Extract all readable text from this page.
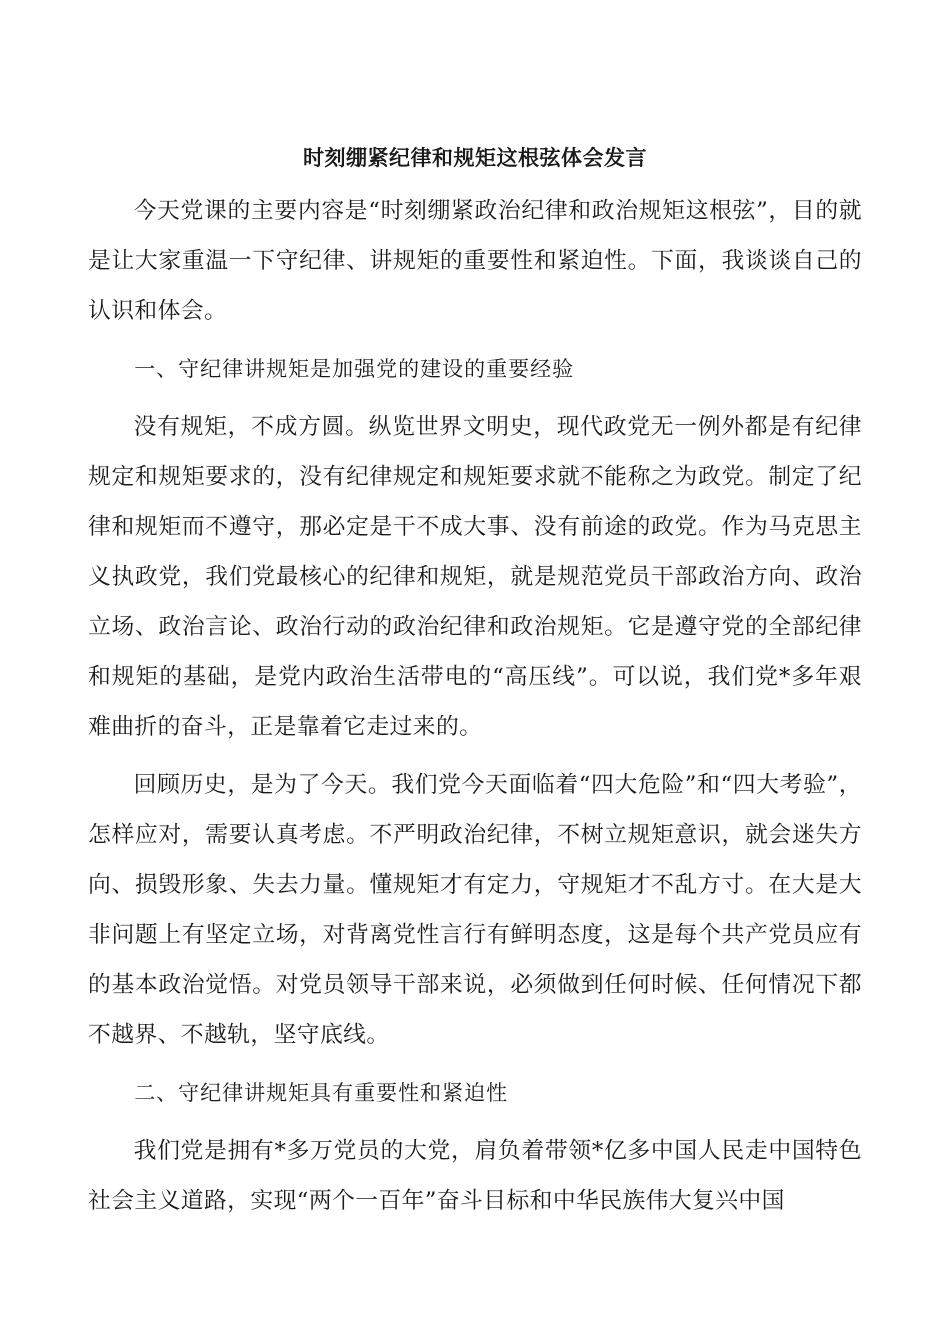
时刻绷紧纪律和规矩这根弦体会发言

今天党课的主要内容是“时刻绷紧政治纪律和政治规矩这根弦”，目的就是让大家重温一下守纪律、讲规矩的重要性和紧迫性。下面，我谈谈自己的认识和体会。

一、守纪律讲规矩是加强党的建设的重要经验

没有规矩，不成方圆。纵览世界文明史，现代政党无一例外都是有纪律规定和规矩要求的，没有纪律规定和规矩要求就不能称之为政党。制定了纪律和规矩而不遵守，那必定是干不成大事、没有前途的政党。作为马克思主义执政党，我们党最核心的纪律和规矩，就是规范党员干部政治方向、政治立场、政治言论、政治行动的政治纪律和政治规矩。它是遵守党的全部纪律和规矩的基础，是党内政治生活带电的“高压线”。可以说，我们党*多年艰难曲折的奋斗，正是靠着它走过来的。

回顾历史，是为了今天。我们党今天面临着“四大危险”和“四大考验”，怎样应对，需要认真考虑。不严明政治纪律，不树立规矩意识，就会迷失方向、损毁形象、失去力量。懂规矩才有定力，守规矩才不乱方寸。在大是大非问题上有坚定立场，对背离党性言行有鲜明态度，这是每个共产党员应有的基本政治觉悟。对党员领导干部来说，必须做到任何时候、任何情况下都不越界、不越轨，坚守底线。

二、守纪律讲规矩具有重要性和紧迫性

我们党是拥有*多万党员的大党，肩负着带领*亿多中国人民走中国特色社会主义道路，实现“两个一百年”奋斗目标和中华民族伟大复兴中国
